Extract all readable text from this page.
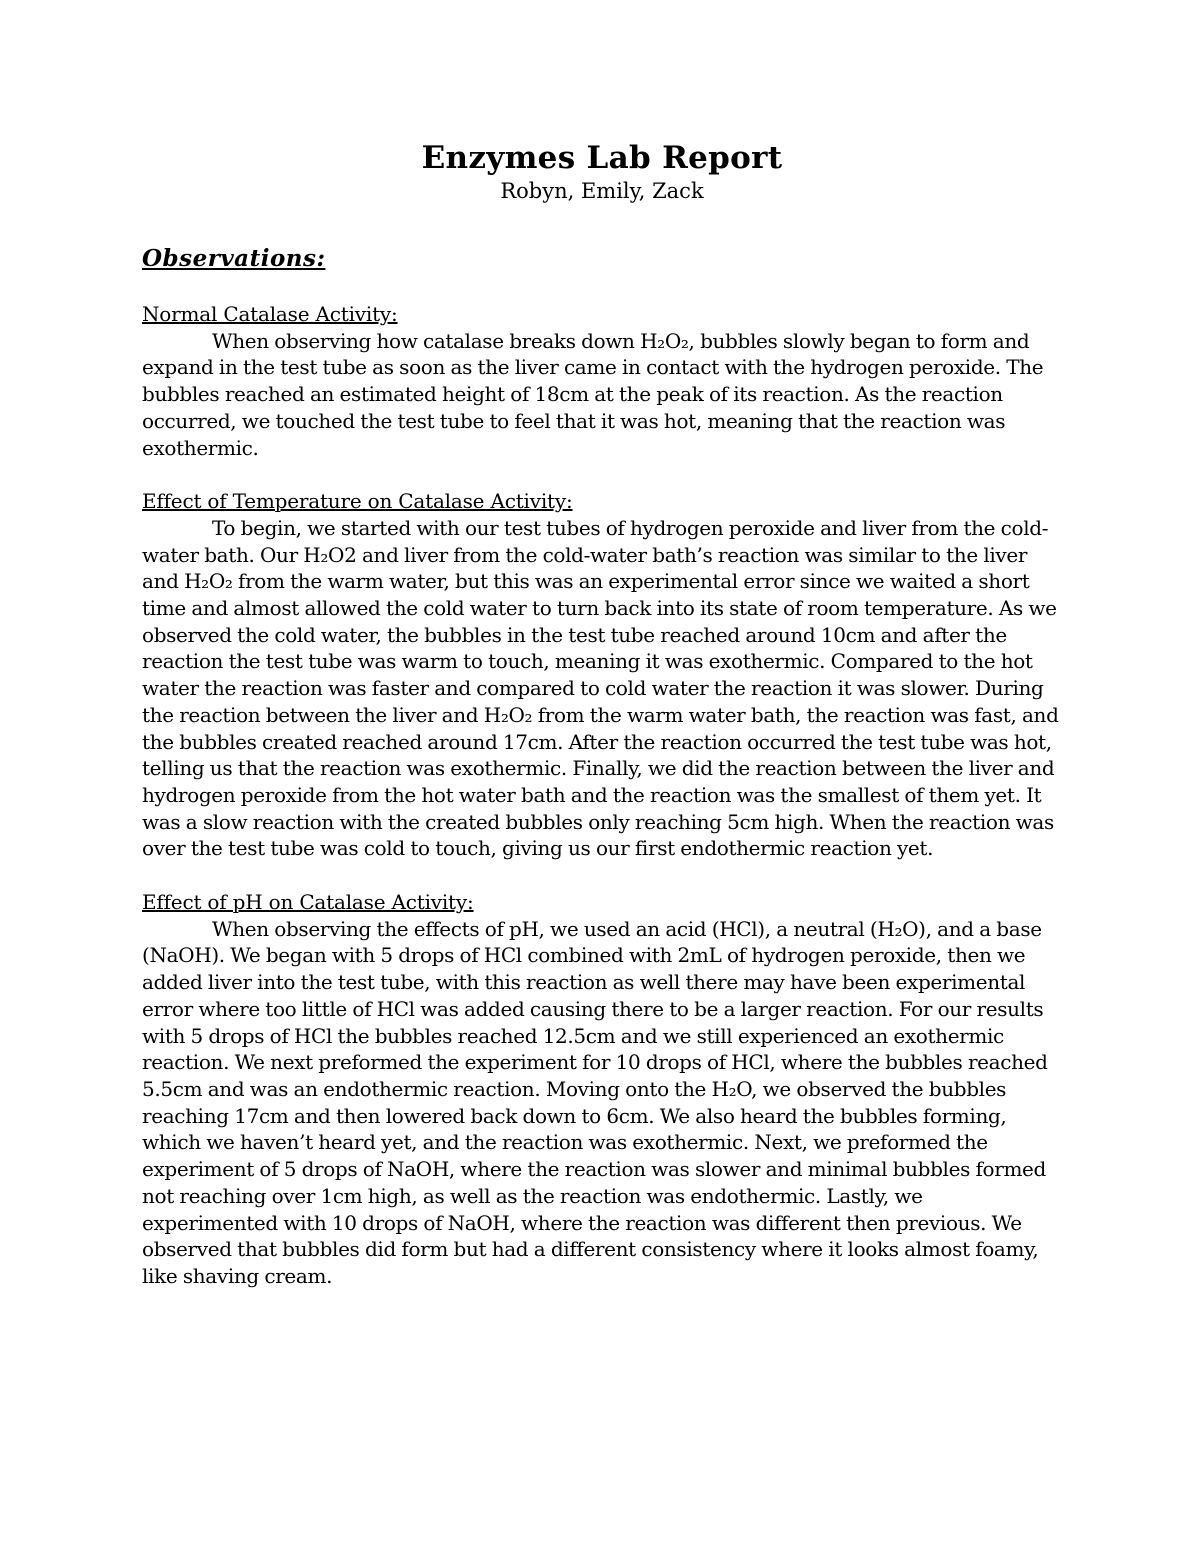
Enzymes Lab Report

Robyn, Emily, Zack

Observations:
Normal Catalase Activity:

When observing how catalase breaks down H₂O₂, bubbles slowly began to form and expand in the test tube as soon as the liver came in contact with the hydrogen peroxide. The bubbles reached an estimated height of 18cm at the peak of its reaction. As the reaction occurred, we touched the test tube to feel that it was hot, meaning that the reaction was exothermic.

Effect of Temperature on Catalase Activity:

To begin, we started with our test tubes of hydrogen peroxide and liver from the cold-water bath. Our H₂O2 and liver from the cold-water bath’s reaction was similar to the liver and H₂O₂ from the warm water, but this was an experimental error since we waited a short time and almost allowed the cold water to turn back into its state of room temperature. As we observed the cold water, the bubbles in the test tube reached around 10cm and after the reaction the test tube was warm to touch, meaning it was exothermic. Compared to the hot water the reaction was faster and compared to cold water the reaction it was slower. During the reaction between the liver and H₂O₂ from the warm water bath, the reaction was fast, and the bubbles created reached around 17cm. After the reaction occurred the test tube was hot, telling us that the reaction was exothermic. Finally, we did the reaction between the liver and hydrogen peroxide from the hot water bath and the reaction was the smallest of them yet. It was a slow reaction with the created bubbles only reaching 5cm high. When the reaction was over the test tube was cold to touch, giving us our first endothermic reaction yet.

Effect of pH on Catalase Activity:

When observing the effects of pH, we used an acid (HCl), a neutral (H₂O), and a base (NaOH). We began with 5 drops of HCl combined with 2mL of hydrogen peroxide, then we added liver into the test tube, with this reaction as well there may have been experimental error where too little of HCl was added causing there to be a larger reaction. For our results with 5 drops of HCl the bubbles reached 12.5cm and we still experienced an exothermic reaction. We next preformed the experiment for 10 drops of HCl, where the bubbles reached 5.5cm and was an endothermic reaction. Moving onto the H₂O, we observed the bubbles reaching 17cm and then lowered back down to 6cm. We also heard the bubbles forming, which we haven’t heard yet, and the reaction was exothermic. Next, we preformed the experiment of 5 drops of NaOH, where the reaction was slower and minimal bubbles formed not reaching over 1cm high, as well as the reaction was endothermic. Lastly, we experimented with 10 drops of NaOH, where the reaction was different then previous. We observed that bubbles did form but had a different consistency where it looks almost foamy, like shaving cream.
